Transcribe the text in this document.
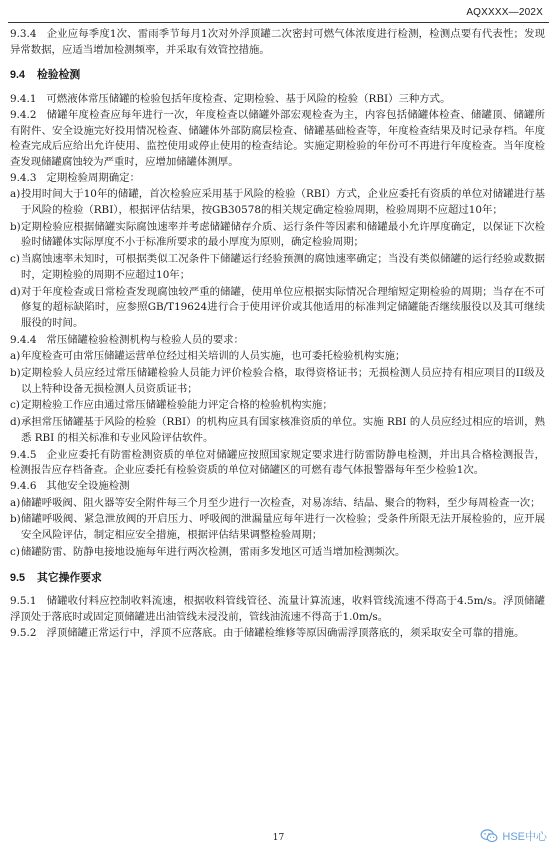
AQXXXX—202X

9.3.4 企业应每季度1次、雷雨季节每月1次对外浮顶罐二次密封可燃气体浓度进行检测，检测点要有代表性；发现异常数据，应适当增加检测频率，并采取有效管控措施。

9.4 检验检测

9.4.1 可燃液体常压储罐的检验包括年度检查、定期检验、基于风险的检验（RBI）三种方式。

9.4.2 储罐年度检查应每年进行一次，年度检查以储罐外部宏观检查为主，内容包括储罐体检查、储罐顶、储罐所有附件、安全设施完好投用情况检查、储罐体外部防腐层检查、储罐基础检查等，年度检查结果及时记录存档。年度检查完成后应给出允许使用、监控使用或停止使用的检查结论。实施定期检验的年份可不再进行年度检查。当年度检查发现储罐腐蚀较为严重时，应增加储罐体测厚。

9.4.3 定期检验周期确定：

a) 投用时间大于10年的储罐，首次检验应采用基于风险的检验（RBI）方式，企业应委托有资质的单位对储罐进行基于风险的检验（RBI），根据评估结果，按GB30578的相关规定确定检验周期，检验周期不应超过10年；
b) 定期检验应根据储罐实际腐蚀速率并考虑储罐储存介质、运行条件等因素和储罐最小允许厚度确定，以保证下次检验时储罐体实际厚度不小于标准所要求的最小厚度为原则，确定检验周期；
c) 当腐蚀速率未知时，可根据类似工况条件下储罐运行经验预测的腐蚀速率确定；当没有类似储罐的运行经验或数据时，定期检验的周期不应超过10年；
d) 对于年度检查或日常检查发现腐蚀较严重的储罐，使用单位应根据实际情况合理缩短定期检验的周期；当存在不可修复的超标缺陷时，应参照GB/T19624进行合于使用评价或其他适用的标准判定储罐能否继续服役以及其可继续服役的时间。

9.4.4 常压储罐检验检测机构与检验人员的要求：

a) 年度检查可由常压储罐运营单位经过相关培训的人员实施，也可委托检验机构实施；
b) 定期检验人员应经过常压储罐检验人员能力评价检验合格，取得资格证书；无损检测人员应持有相应项目的II级及以上特种设备无损检测人员资质证书；
c) 定期检验工作应由通过常压储罐检验能力评定合格的检验机构实施；
d) 承担常压储罐基于风险的检验（RBI）的机构应具有国家核准资质的单位。实施 RBI 的人员应经过相应的培训，熟悉 RBI 的相关标准和专业风险评估软件。

9.4.5 企业应委托有防雷检测资质的单位对储罐应按照国家规定要求进行防雷防静电检测，并出具合格检测报告，检测报告应存档备查。企业应委托有检验资质的单位对储罐区的可燃有毒气体报警器每年至少检验1次。

9.4.6 其他安全设施检测

a) 储罐呼吸阀、阻火器等安全附件每三个月至少进行一次检查，对易冻结、结晶、聚合的物料，至少每周检查一次；
b) 储罐呼吸阀、紧急泄放阀的开启压力、呼吸阀的泄漏量应每年进行一次检验；受条件所限无法开展检验的，应开展安全风险评估，制定相应安全措施，根据评估结果调整检验周期；
c) 储罐防雷、防静电接地设施每年进行两次检测，雷雨多发地区可适当增加检测频次。
9.5 其它操作要求

9.5.1 储罐收付料应控制收料流速，根据收料管线管径、流量计算流速，收料管线流速不得高于4.5m/s。浮顶储罐浮顶处于落底时或固定顶储罐进出油管线未浸没前，管线油流速不得高于1.0m/s。

9.5.2 浮顶储罐正常运行中，浮顶不应落底。由于储罐检维修等原因确需浮顶落底的，须采取安全可靠的措施。

17	HSE中心
